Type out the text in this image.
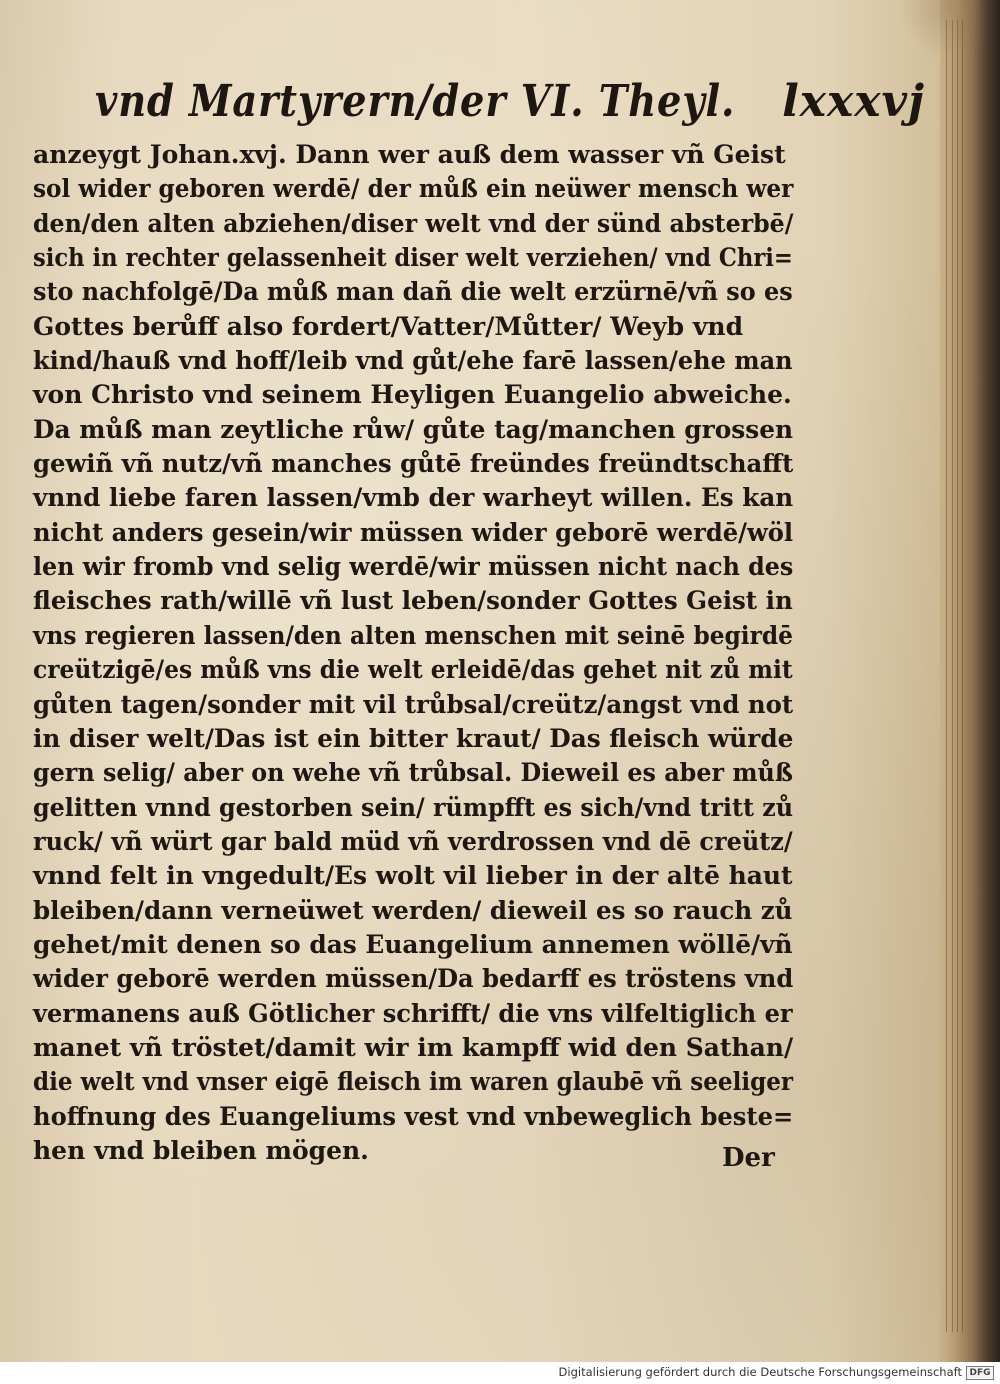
vnd Martyrern/der VI. Theyl. lxxxvj
anzeygt Johan.xvj. Dann wer auß dem wasser vñ Geist
sol wider geboren werdē/ der můß ein neüwer mensch wer
den/den alten abziehen/diser welt vnd der sünd absterbē/
sich in rechter gelassenheit diser welt verziehen/ vnd Chri=
sto nachfolgē/Da můß man dañ die welt erzürnē/vñ so es
Gottes berůff also fordert/Vatter/Můtter/ Weyb vnd
kind/hauß vnd hoff/leib vnd gůt/ehe farē lassen/ehe man
von Christo vnd seinem Heyligen Euangelio abweiche.
Da můß man zeytliche růw/ gůte tag/manchen grossen
gewiñ vñ nutz/vñ manches gůtē freündes freündtschafft
vnnd liebe faren lassen/vmb der warheyt willen. Es kan
nicht anders gesein/wir müssen wider geborē werdē/wöl
len wir fromb vnd selig werdē/wir müssen nicht nach des
fleisches rath/willē vñ lust leben/sonder Gottes Geist in
vns regieren lassen/den alten menschen mit seinē begirdē
creützigē/es můß vns die welt erleidē/das gehet nit zů mit
gůten tagen/sonder mit vil trůbsal/creütz/angst vnd not
in diser welt/Das ist ein bitter kraut/ Das fleisch würde
gern selig/ aber on wehe vñ trůbsal. Dieweil es aber můß
gelitten vnnd gestorben sein/ rümpfft es sich/vnd tritt zů
ruck/ vñ würt gar bald müd vñ verdrossen vnd dē creütz/
vnnd felt in vngedult/Es wolt vil lieber in der altē haut
bleiben/dann verneüwet werden/ dieweil es so rauch zů
gehet/mit denen so das Euangelium annemen wöllē/vñ
wider geborē werden müssen/Da bedarff es tröstens vnd
vermanens auß Götlicher schrifft/ die vns vilfeltiglich er
manet vñ tröstet/damit wir im kampff wid den Sathan/
die welt vnd vnser eigē fleisch im waren glaubē vñ seeliger
hoffnung des Euangeliums vest vnd vnbeweglich beste=
hen vnd bleiben mögen.	Der
Digitalisierung gefördert durch die Deutsche Forschungsgemeinschaft DFG
